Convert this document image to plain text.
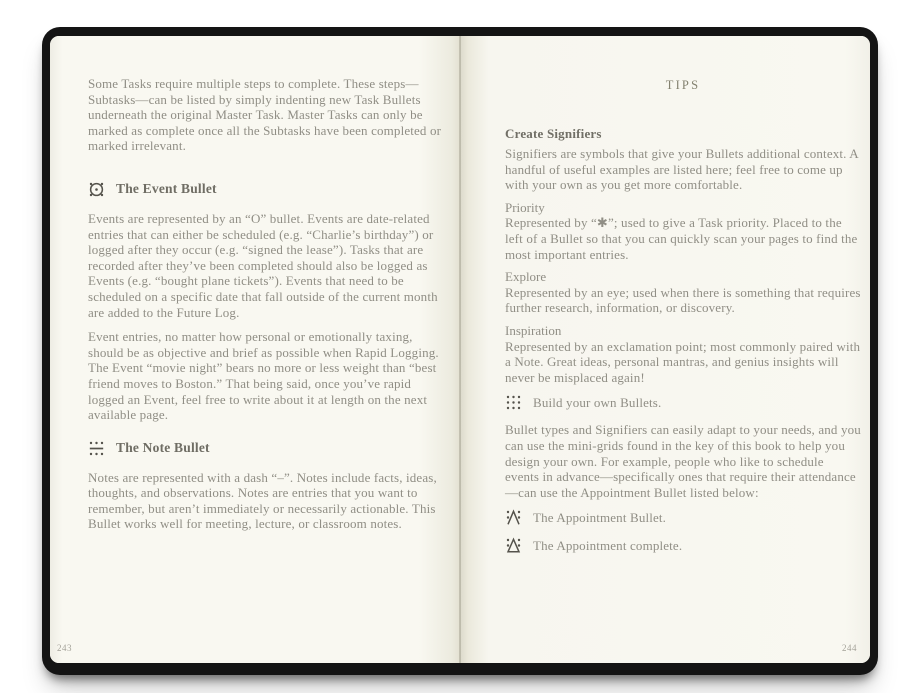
Some Tasks require multiple steps to complete. These steps—Subtasks—can be listed by simply indenting new Task Bullets underneath the original Master Task. Master Tasks can only be marked as complete once all the Subtasks have been completed or marked irrelevant.

The Event Bullet

Events are represented by an “O” bullet. Events are date-related entries that can either be scheduled (e.g. “Charlie’s birthday”) or logged after they occur (e.g. “signed the lease”). Tasks that are recorded after they’ve been completed should also be logged as Events (e.g. “bought plane tickets”). Events that need to be scheduled on a specific date that fall outside of the current month are added to the Future Log.

Event entries, no matter how personal or emotionally taxing, should be as objective and brief as possible when Rapid Logging. The Event “movie night” bears no more or less weight than “best friend moves to Boston.” That being said, once you’ve rapid logged an Event, feel free to write about it at length on the next available page.

The Note Bullet

Notes are represented with a dash “–”. Notes include facts, ideas, thoughts, and observations. Notes are entries that you want to remember, but aren’t immediately or necessarily actionable. This Bullet works well for meeting, lecture, or classroom notes.

243
TIPS
Create Signifiers

Signifiers are symbols that give your Bullets additional context. A handful of useful examples are listed here; feel free to come up with your own as you get more comfortable.

Priority

Represented by “✱”; used to give a Task priority. Placed to the left of a Bullet so that you can quickly scan your pages to find the most important entries.

Explore

Represented by an eye; used when there is something that requires further research, information, or discovery.

Inspiration

Represented by an exclamation point; most commonly paired with a Note. Great ideas, personal mantras, and genius insights will never be misplaced again!

Build your own Bullets.

Bullet types and Signifiers can easily adapt to your needs, and you can use the mini-grids found in the key of this book to help you design your own. For example, people who like to schedule events in advance—specifically ones that require their attendance—can use the Appointment Bullet listed below:

The Appointment Bullet.
The Appointment complete.
244
